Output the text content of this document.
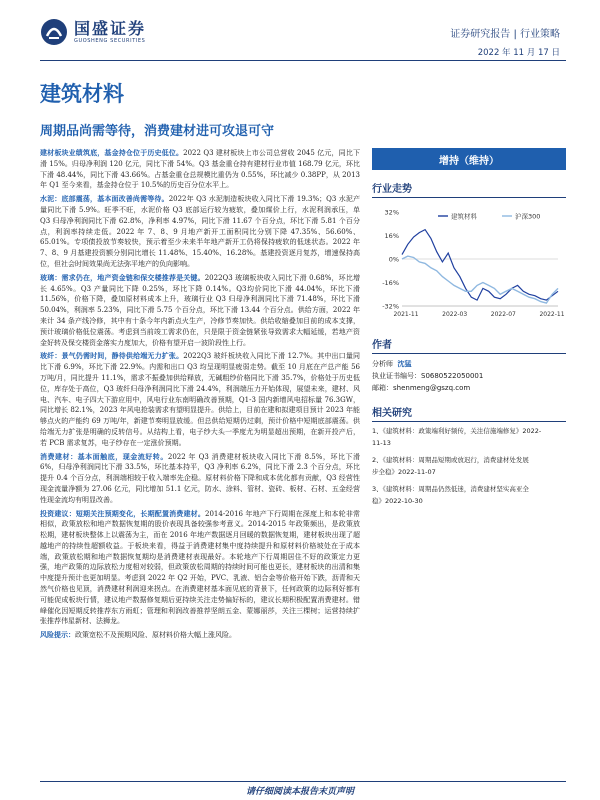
国盛证券
GUOSHENG SECURITIES
证券研究报告 | 行业策略
2022 年 11 月 17 日
建筑材料
周期品尚需等待，消费建材进可攻退可守

建材板块业绩筑底，基金持仓位于历史低位。2022 Q3 建材板块上市公司总营收 2045 亿元，同比下滑 15%。归母净利润 120 亿元，同比下滑 54%。Q3 基金重仓持有建材行业市值 168.79 亿元，环比下滑 48.44%，同比下滑 43.66%。占基金重仓总规模比重仍为 0.55%，环比减少 0.38PP，从 2013 年 Q1 至今来看，基金持仓位于 10.5%的历史百分位水平上。

水泥：底部震荡，基本面改善尚需等待。2022年 Q3 水泥制造板块收入同比下滑 19.3%；Q3 水泥产量同比下滑 5.9%。旺季不旺，水泥价格 Q3 底部运行较为疲软，叠加煤价上行，水泥利润承压，单 Q3 归母净利润同比下滑 62.8%，净利率 4.97%，同比下滑 11.67 个百分点，环比下滑 5.81 个百分点，利润率持续走低。2022 年 7、8、9 月地产新开工面积同比分别下降 47.35%、56.60%、65.01%。专项债投放节奏较快，预示着至少未来半年地产新开工仍将保持疲软的低迷状态。2022 年 7、8、9 月基建投资额分别同比增长 11.48%、15.40%、16.28%。基建投资逐月复苏，增速保持高位，但社会时间效果尚无法弥平地产的负向影响。

玻璃：需求仍在，地产资金链和保交楼推荐是关键。2022Q3 玻璃板块收入同比下滑 0.68%，环比增长 4.65%。Q3 产量同比下降 0.25%，环比下降 0.14%。Q3均价同比下滑 44.04%，环比下滑 11.56%，价格下降，叠加原材料成本上升，玻璃行业 Q3 归母净利润同比下滑 71.48%，环比下滑 50.04%，利润率 5.23%，同比下滑 5.75 个百分点，环比下滑 13.44 个百分点。供给方面，2022 年来计 34 条产线冷修，其中有十条今年内新点火生产，冷修节奏加快。供给收缩叠加目前的成本支撑，预计玻璃价格低位震荡。考虑到当前竣工需求仍在，只是限于资金链紧张导致需求大幅延缓，若地产资金好转及保交楼资金落实力度加大，价格有望开启一波阶段性上行。

玻纤：景气仍需时间，静待供给端无力扩张。2022Q3 玻纤板块收入同比下滑 12.7%。其中出口量同比下滑 6.9%，环比下滑 22.9%。内需和出口 Q3 均呈现明显疲弱走势。截至 10 月底在产总产能 56 万吨/月，同比提升 11.1%，需求不振叠加供给释放，无碱粗纱价格同比下滑 35.7%，价格处于历史低位，库存处于高位，Q3 玻纤归母净利润同比下滑 24.4%，利润端压力开始体现，展望未来，建材、风电、汽车、电子四大下游应用中，风电行业东南明确改善预期，Q1-3 国内新增风电招标量 76.3GW，同比增长 82.1%，2023 年风电抢装需求有望明显提升。供给上，目前在建和拟建项目预计 2023 年能够点火的产能约 69 万吨/年，新建节奏明显放缓。但总供给短期仍过剩，预计价格中短期底部震荡。供给端无力扩张是明确的反转信号。从结构上看，电子纱大头一季度尤为明显超出预期，在新开投产后，若 PCB 需求复苏，电子纱存在一定涨价预期。

消费建材：基本面触底，现金流好转。2022 年 Q3 消费建材板块收入同比下滑 8.5%，环比下滑 6%，归母净利润同比下滑 33.5%，环比基本持平，Q3 净利率 6.2%，同比下滑 2.3 个百分点，环比提升 0.4 个百分点，利润端相较于收入端率先企稳。原材料价格下降和成本优化都有贡献，Q3 经营性现金流量净额为 27.06 亿元，同比增加 51.1 亿元，防水、涂料、管材、瓷砖、板材、石材、五金经营性现金流均有明显改善。

投资建议：短期关注预期变化，长期配置消费建材。2014-2016 年地产下行周期在深度上和本轮非常相似，政策放松和地产数据恢复期的股价表现具备较强参考意义。2014-2015 年政策频出，是政策放松期，建材板块整体上以震荡为主，而在 2016 年地产数据逐月回暖的数据恢复期，建材板块出现了超越地产的持续性超额收益。于板块来看，得益于消费建材集中度持续提升和原材料价格坡处在于成本端，政策放松期和地产数据恢复期均是消费建材表现最好。本轮地产下行周期居住不好的政策定力更强，地产政策的边际放松力度相对较弱，但政策放松周期的持续时间可能也更长，建材板块的出清和集中度提升预计也更加明显。考虑到 2022 年 Q2 开始，PVC、乳液、铝合金等价格开始下跌，沥青和天然气价格也见顶，消费建材利润迎来拐点。在消费建材基本面见底的背景下，任何政策的边际利好都有可能促成板块行情，建议地产数据修复期后更持续关注走势偏好标的，建议长期积极配置消费建材。错峰催化因短期反转推荐东方雨虹；管理和利润改善推荐坚朗五金、蒙娜丽莎，关注三棵树；运营持续扩张推荐伟星新材、法狮龙。

风险提示：政策宽松不及预期风险、原材料价格大幅上涨风险。

增持（维持）
行业走势
32%
16%
0%
-16%
-32%
2021-11	2022-03	2022-07	2022-11
建筑材料	沪深300
作者
分析师 沈猛
执业证书编号：S0680522050001
邮箱：shenmeng@gszq.com
相关研究
1、《建筑材料：政策端利好频传，关注信施端修复》2022-
11-13
2、《建筑材料：周期品短期或放迟行，消费建材处发展
步全稳》2022-11-07
3、《建筑材料：周期品仍然低迷，消费建材坚实高亚全
稳》2022-10-30
请仔细阅读本报告末页声明
